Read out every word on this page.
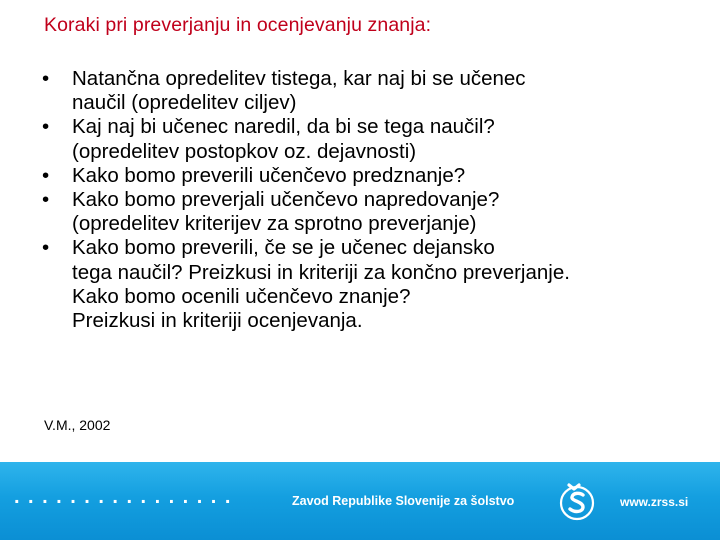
Koraki pri preverjanju in ocenjevanju znanja:
• Natančna opredelitev tistega, kar naj bi se učenec
naučil (opredelitev ciljev)
• Kaj naj bi učenec naredil, da bi se tega naučil?
(opredelitev postopkov oz. dejavnosti)
• Kako bomo preverili učenčevo predznanje?
• Kako bomo preverjali učenčevo napredovanje?
(opredelitev kriterijev za sprotno preverjanje)
• Kako bomo preverili, če se je učenec dejansko
tega naučil? Preizkusi in kriteriji za končno preverjanje.
Kako bomo ocenili učenčevo znanje?
Preizkusi in kriteriji ocenjevanja.
V.M., 2002
................	Zavod Republike Slovenije za šolstvo	www.zrss.si
